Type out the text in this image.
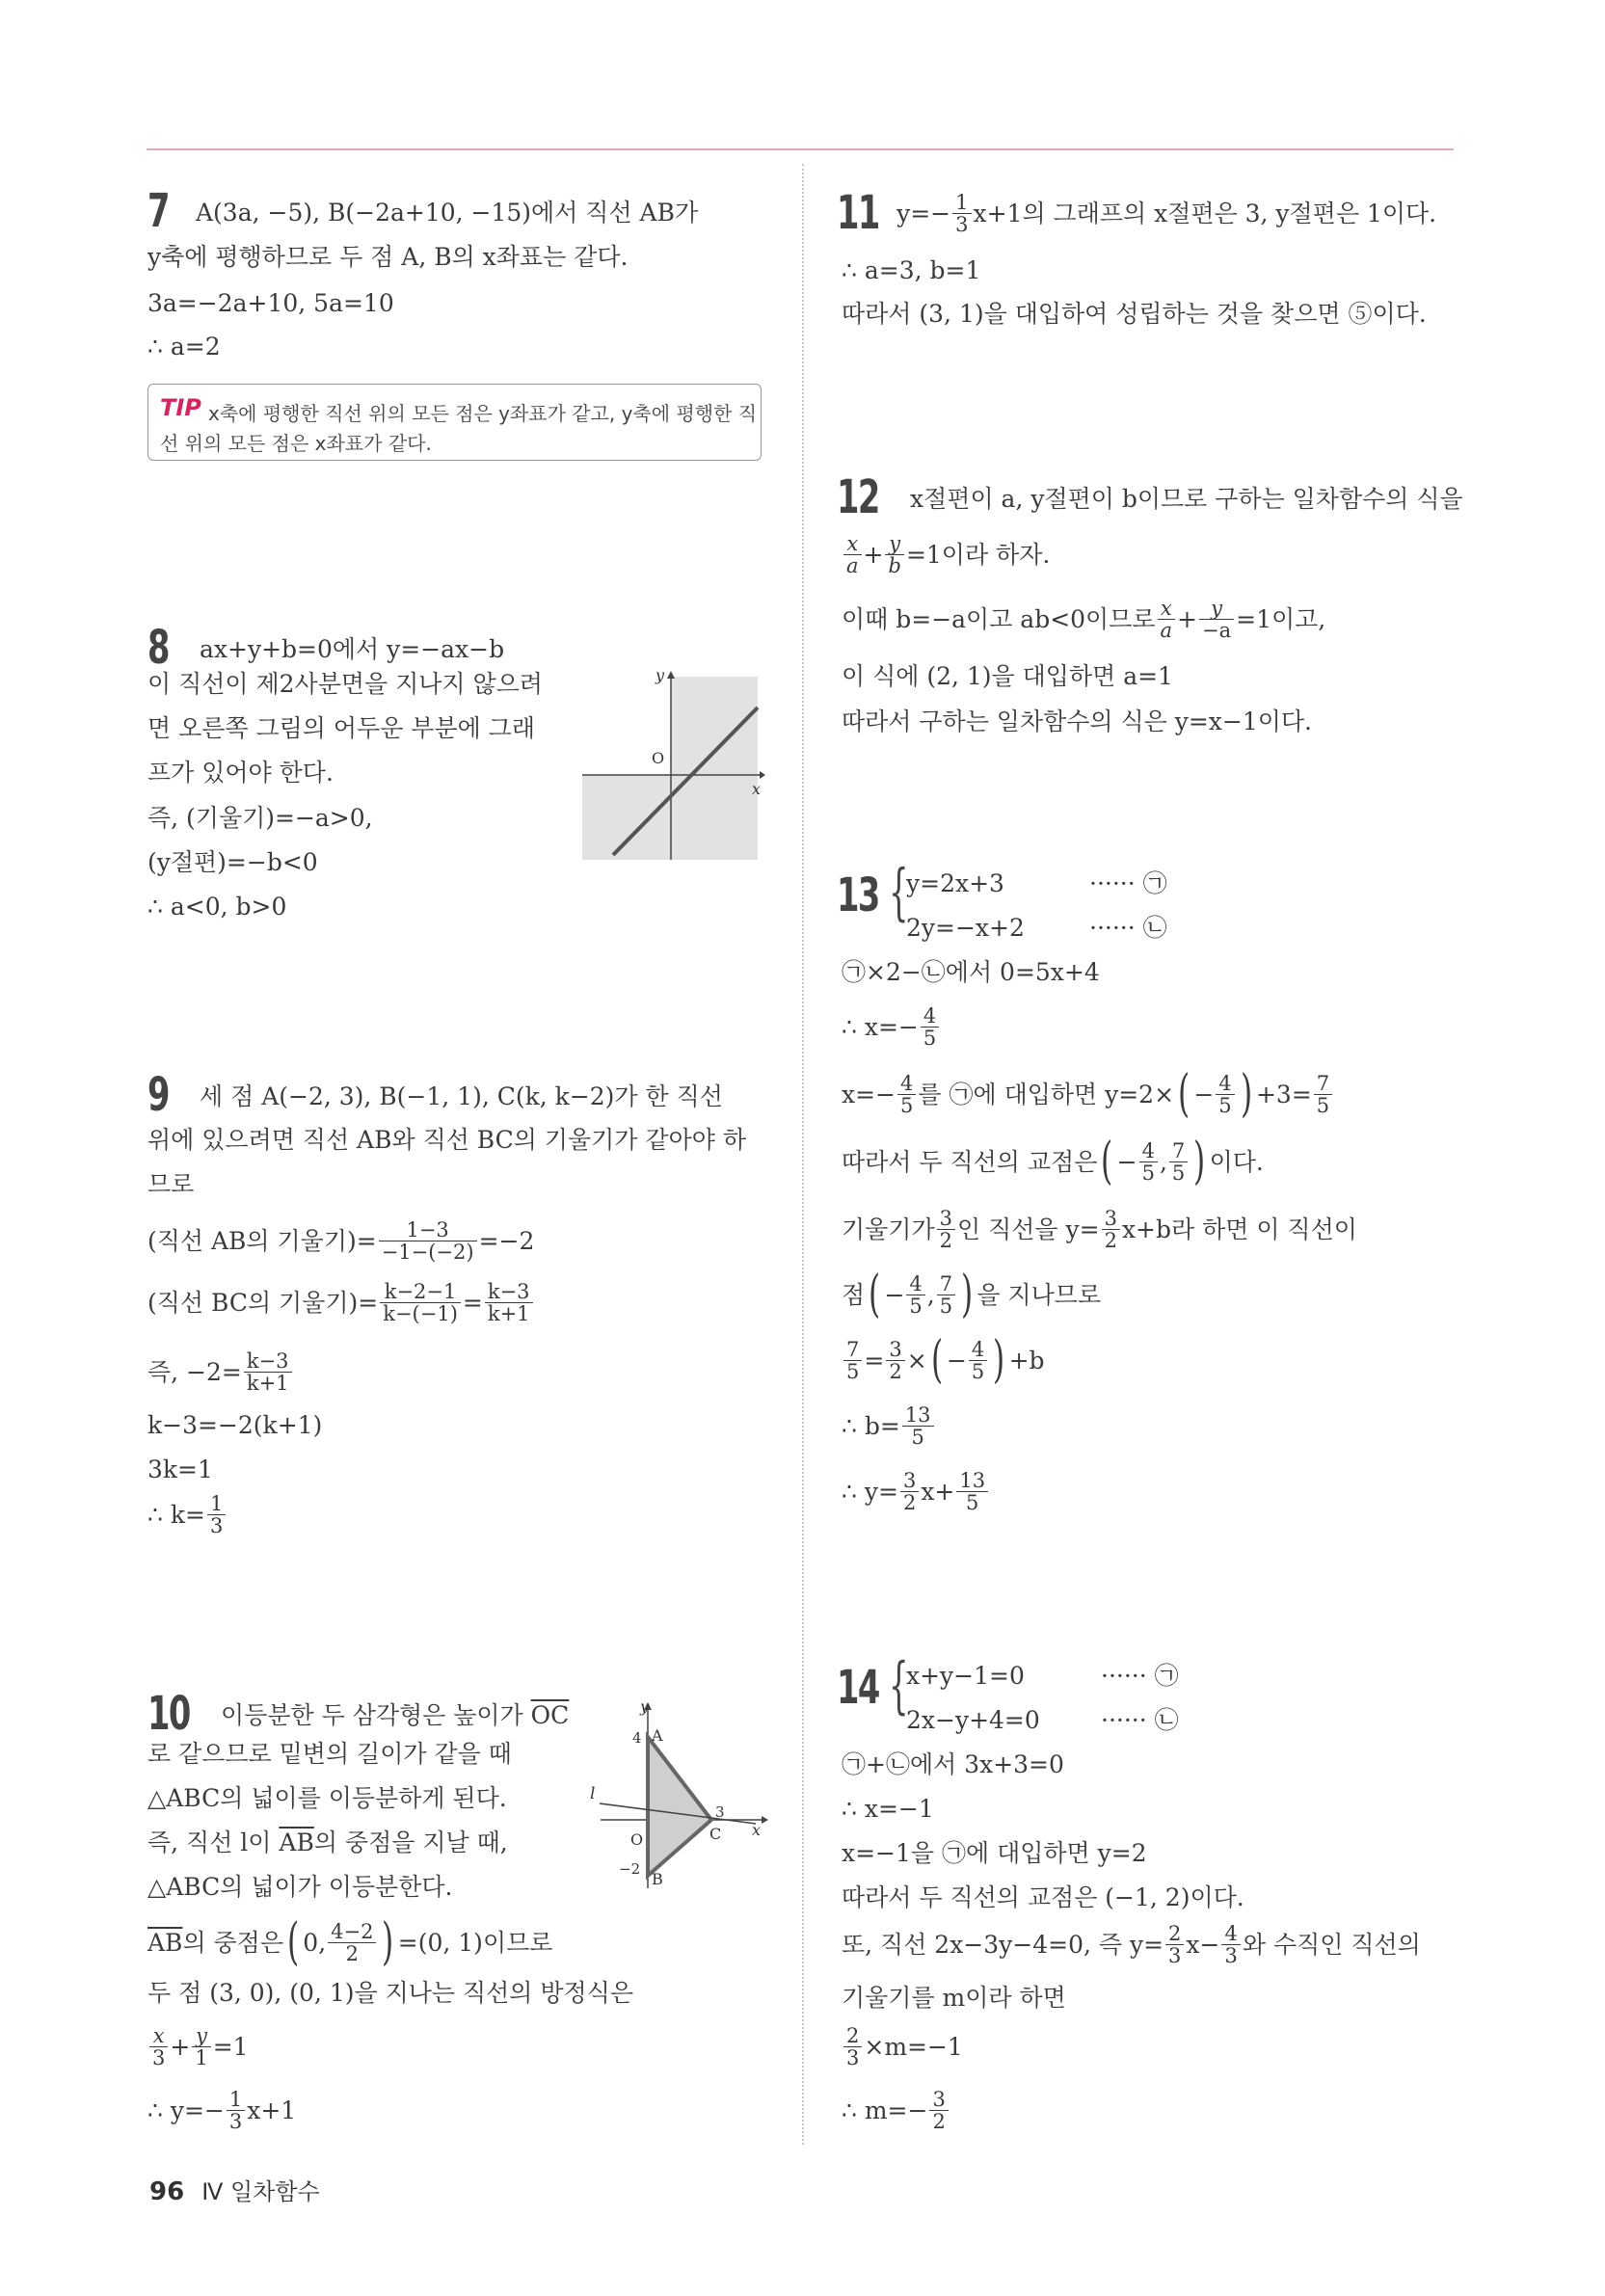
7 A(3a, −5), B(−2a+10, −15)에서 직선 AB가
y축에 평행하므로 두 점 A, B의 x좌표는 같다.
3a=−2a+10, 5a=10
∴ a=2
TIP x축에 평행한 직선 위의 모든 점은 y좌표가 같고, y축에 평행한 직
선 위의 모든 점은 x좌표가 같다.
8 ax+y+b=0에서 y=−ax−b
이 직선이 제2사분면을 지나지 않으려
면 오른쪽 그림의 어두운 부분에 그래
프가 있어야 한다.
즉, (기울기)=−a>0,
(y절편)=−b<0
∴ a<0, b>0
y
x
O
9 세 점 A(−2, 3), B(−1, 1), C(k, k−2)가 한 직선
위에 있으려면 직선 AB와 직선 BC의 기울기가 같아야 하
므로
(직선 AB의 기울기)= $\frac{1-3}{-1-(-2)} =-2$
(직선 BC의 기울기)= $\frac{k-2-1}{k-(-1)} = \frac{k-3}{k+1}$
즉, $-2= \frac{k-3}{k+1}$
k−3=−2(k+1)
3k=1
∴ $k= \frac{1}{3}$
10 이등분한 두 삼각형은 높이가 $\overline{OC}$
로 같으므로 밑변의 길이가 같을 때
△ABC의 넓이를 이등분하게 된다.
즉, 직선 l이 $\overline{AB}$의 중점을 지날 때,
△ABC의 넓이가 이등분한다.
$\overline{AB}$ 의 중점은 ( 0, $\frac{4-2}{2}$ ) =(0, 1)이므로
두 점 (3, 0), (0, 1)을 지나는 직선의 방정식은
$\frac{x}{3} + \frac{y}{1} =1$
∴ $y=- \frac{1}{3} x+1$
y
x
O
A
B
C
3
4
−2
l
11 $y=- \frac{1}{3} x+1$의 그래프의 x절편은 3, y절편은 1이다.
∴ a=3, b=1
따라서 (3, 1)을 대입하여 성립하는 것을 찾으면 ⑤이다.
12 x절편이 a, y절편이 b이므로 구하는 일차함수의 식을
$\frac{x}{a} + \frac{y}{b} =1$이라 하자.
이때 b=−a이고 ab<0이므로 $\frac{x}{a} + \frac{y}{-a} =1$이고,
이 식에 (2, 1)을 대입하면 a=1
따라서 구하는 일차함수의 식은 y=x−1이다.
13 {
y=2x+3	······ ㉠
2y=−x+2	······ ㉡
㉠×2−㉡에서 0=5x+4
∴ $x=- \frac{4}{5}$
$x=- \frac{4}{5}$ 를 ㉠에 대입하면 y=2× ( − $\frac{4}{5}$ ) $+3= \frac{7}{5}$
따라서 두 직선의 교점은 ( − $\frac{4}{5}$ , $\frac{7}{5}$ ) 이다.
기울기가 $\frac{3}{2}$ 인 직선을 $y= \frac{3}{2} x+b$라 하면 이 직선이
점 ( − $\frac{4}{5}$ , $\frac{7}{5}$ ) 을 지나므로
$\frac{7}{5} = \frac{3}{2}$ × ( − $\frac{4}{5}$ ) +b
∴ $b= \frac{13}{5}$
∴ $y= \frac{3}{2} x+ \frac{13}{5}$
14 {
x+y−1=0	······ ㉠
2x−y+4=0	······ ㉡
㉠+㉡에서 3x+3=0
∴ x=−1
x=−1을 ㉠에 대입하면 y=2
따라서 두 직선의 교점은 (−1, 2)이다.
또, 직선 2x−3y−4=0, 즉 $y= \frac{2}{3} x- \frac{4}{3}$ 와 수직인 직선의
기울기를 m이라 하면
$\frac{2}{3} \times m=-1$
∴ $m=- \frac{3}{2}$
96 Ⅳ 일차함수
